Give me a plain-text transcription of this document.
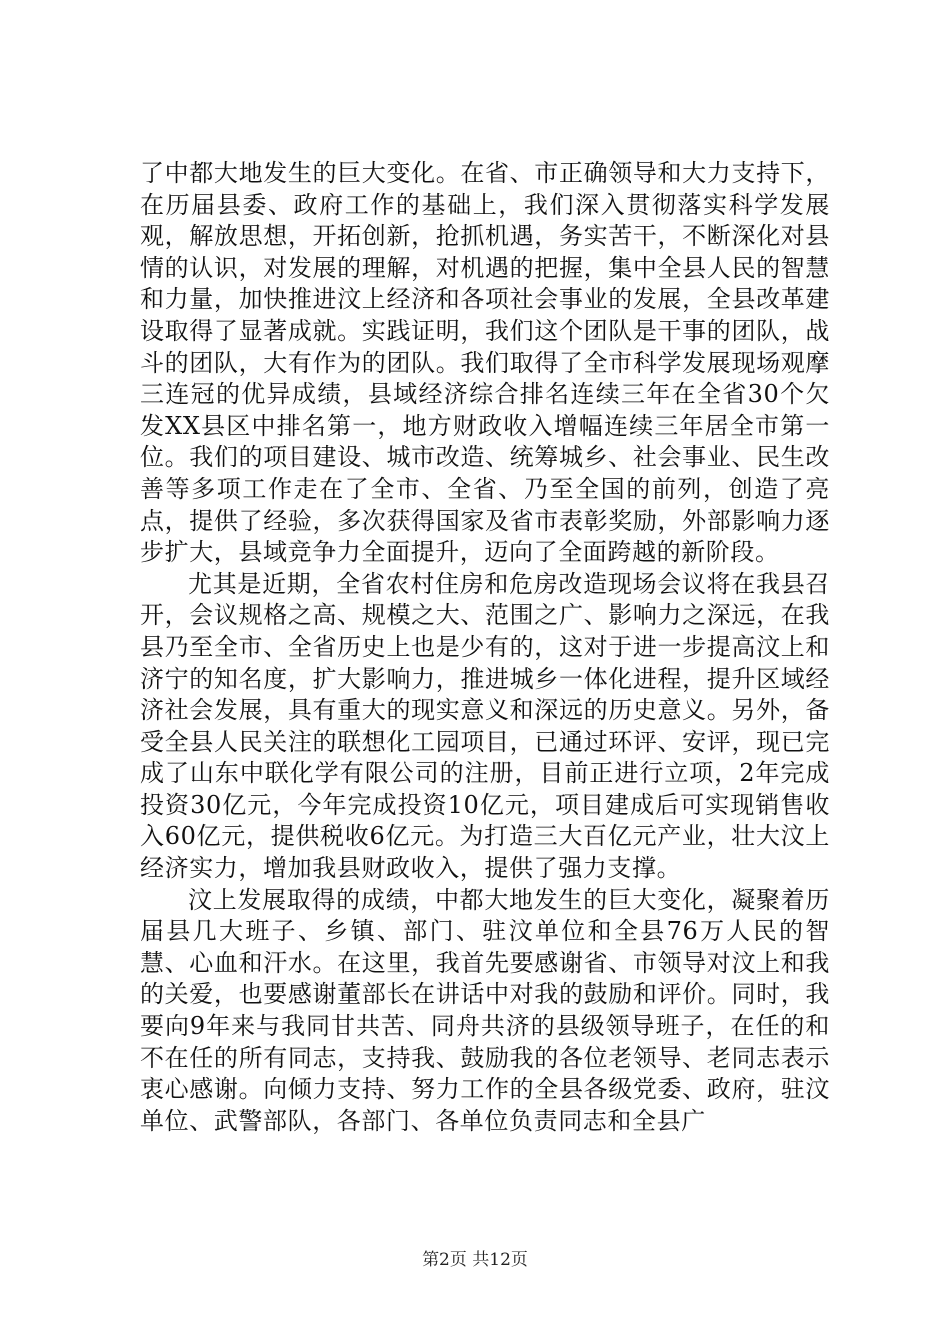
了中都大地发生的巨大变化。在省、市正确领导和大力支持下，在历届县委、政府工作的基础上，我们深入贯彻落实科学发展观，解放思想，开拓创新，抢抓机遇，务实苦干，不断深化对县情的认识，对发展的理解，对机遇的把握，集中全县人民的智慧和力量，加快推进汶上经济和各项社会事业的发展，全县改革建设取得了显著成就。实践证明，我们这个团队是干事的团队，战斗的团队，大有作为的团队。我们取得了全市科学发展现场观摩三连冠的优异成绩，县域经济综合排名连续三年在全省30个欠发XX县区中排名第一，地方财政收入增幅连续三年居全市第一位。我们的项目建设、城市改造、统筹城乡、社会事业、民生改善等多项工作走在了全市、全省、乃至全国的前列，创造了亮点，提供了经验，多次获得国家及省市表彰奖励，外部影响力逐步扩大，县域竞争力全面提升，迈向了全面跨越的新阶段。

尤其是近期，全省农村住房和危房改造现场会议将在我县召开，会议规格之高、规模之大、范围之广、影响力之深远，在我县乃至全市、全省历史上也是少有的，这对于进一步提高汶上和济宁的知名度，扩大影响力，推进城乡一体化进程，提升区域经济社会发展，具有重大的现实意义和深远的历史意义。另外，备受全县人民关注的联想化工园项目，已通过环评、安评，现已完成了山东中联化学有限公司的注册，目前正进行立项，2年完成投资30亿元，今年完成投资10亿元，项目建成后可实现销售收入60亿元，提供税收6亿元。为打造三大百亿元产业，壮大汶上经济实力，增加我县财政收入，提供了强力支撑。

汶上发展取得的成绩，中都大地发生的巨大变化，凝聚着历届县几大班子、乡镇、部门、驻汶单位和全县76万人民的智慧、心血和汗水。在这里，我首先要感谢省、市领导对汶上和我的关爱，也要感谢董部长在讲话中对我的鼓励和评价。同时，我要向9年来与我同甘共苦、同舟共济的县级领导班子，在任的和不在任的所有同志，支持我、鼓励我的各位老领导、老同志表示衷心感谢。向倾力支持、努力工作的全县各级党委、政府，驻汶单位、武警部队，各部门、各单位负责同志和全县广

第2页 共12页
